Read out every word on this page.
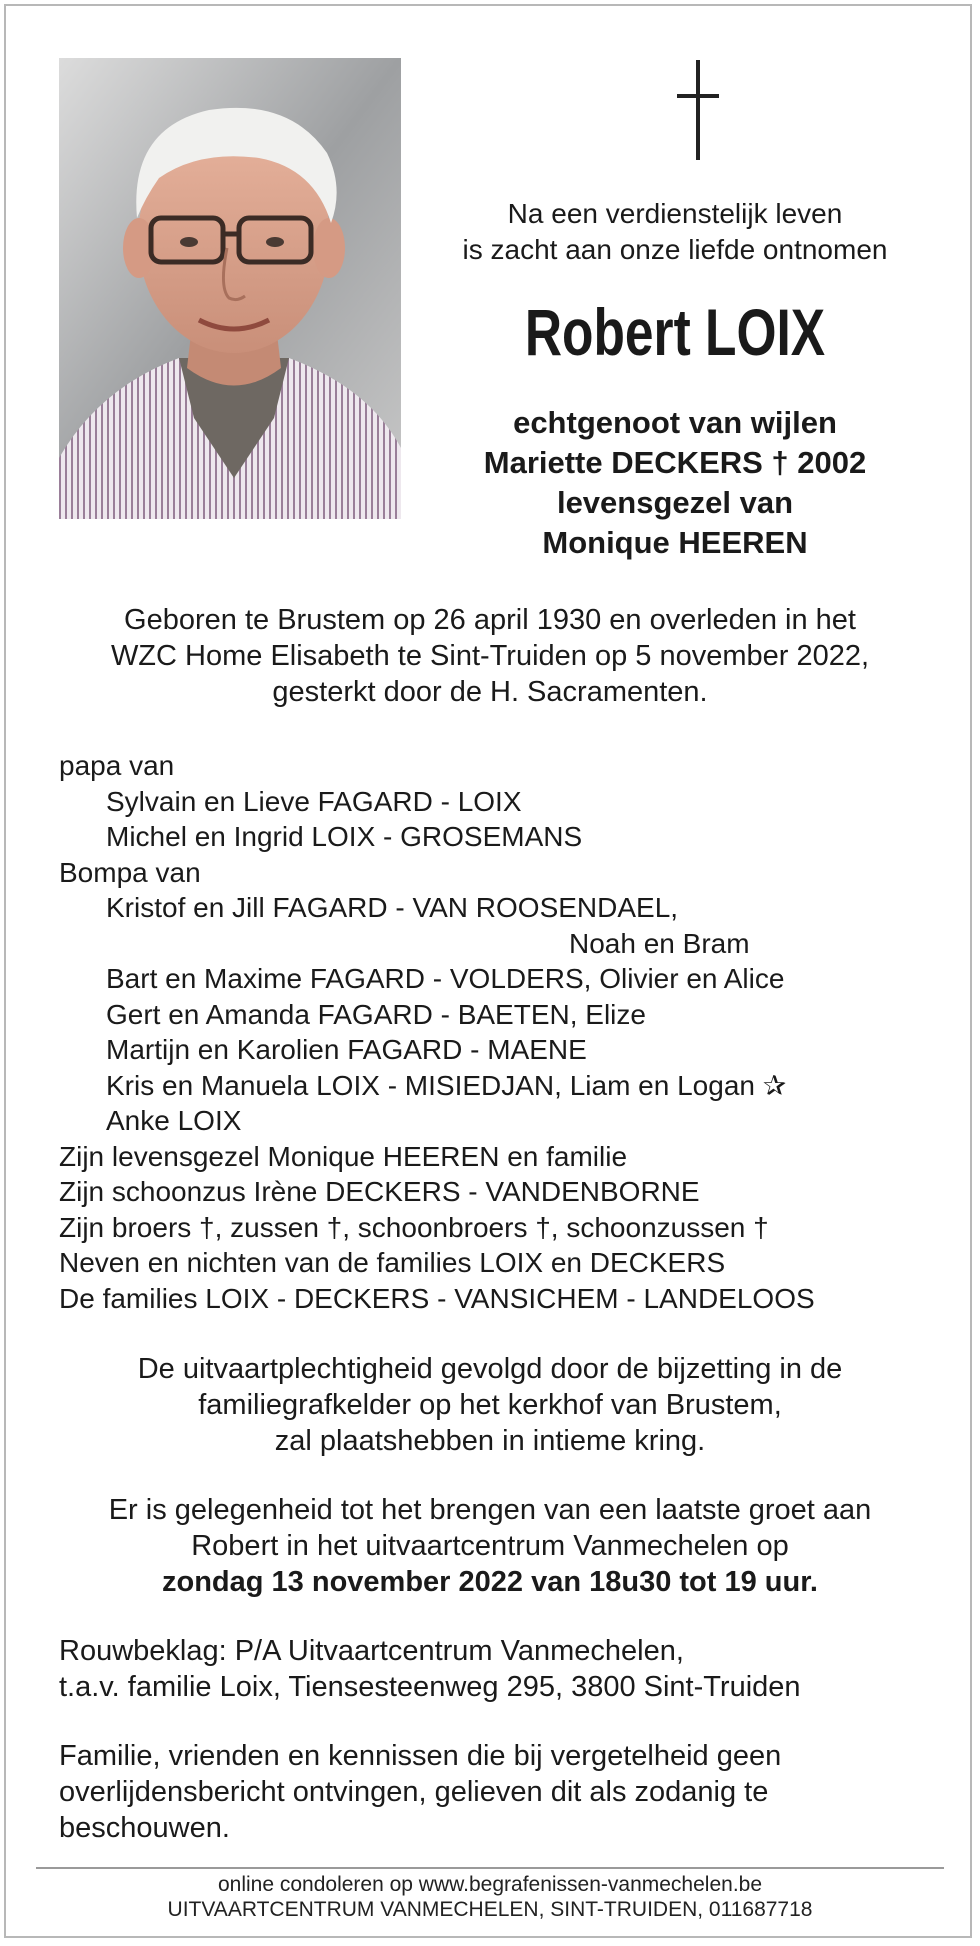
Na een verdienstelijk leven
is zacht aan onze liefde ontnomen
Robert LOIX
echtgenoot van wijlen
Mariette DECKERS † 2002
levensgezel van
Monique HEEREN
Geboren te Brustem op 26 april 1930 en overleden in het
WZC Home Elisabeth te Sint-Truiden op 5 november 2022,
gesterkt door de H. Sacramenten.
papa van
Sylvain en Lieve FAGARD - LOIX
Michel en Ingrid LOIX - GROSEMANS
Bompa van
Kristof en Jill FAGARD - VAN ROOSENDAEL,
Noah en Bram
Bart en Maxime FAGARD - VOLDERS, Olivier en Alice
Gert en Amanda FAGARD - BAETEN, Elize
Martijn en Karolien FAGARD - MAENE
Kris en Manuela LOIX - MISIEDJAN, Liam en Logan ✰
Anke LOIX
Zijn levensgezel Monique HEEREN en familie
Zijn schoonzus Irène DECKERS - VANDENBORNE
Zijn broers †, zussen †, schoonbroers †, schoonzussen †
Neven en nichten van de families LOIX en DECKERS
De families LOIX - DECKERS - VANSICHEM - LANDELOOS
De uitvaartplechtigheid gevolgd door de bijzetting in de
familiegrafkelder op het kerkhof van Brustem,
zal plaatshebben in intieme kring.
Er is gelegenheid tot het brengen van een laatste groet aan
Robert in het uitvaartcentrum Vanmechelen op
zondag 13 november 2022 van 18u30 tot 19 uur.
Rouwbeklag: P/A Uitvaartcentrum Vanmechelen,
t.a.v. familie Loix, Tiensesteenweg 295, 3800 Sint-Truiden
Familie, vrienden en kennissen die bij vergetelheid geen
overlijdensbericht ontvingen, gelieven dit als zodanig te
beschouwen.
online condoleren op www.begrafenissen-vanmechelen.be
UITVAARTCENTRUM VANMECHELEN, SINT-TRUIDEN, 011687718
